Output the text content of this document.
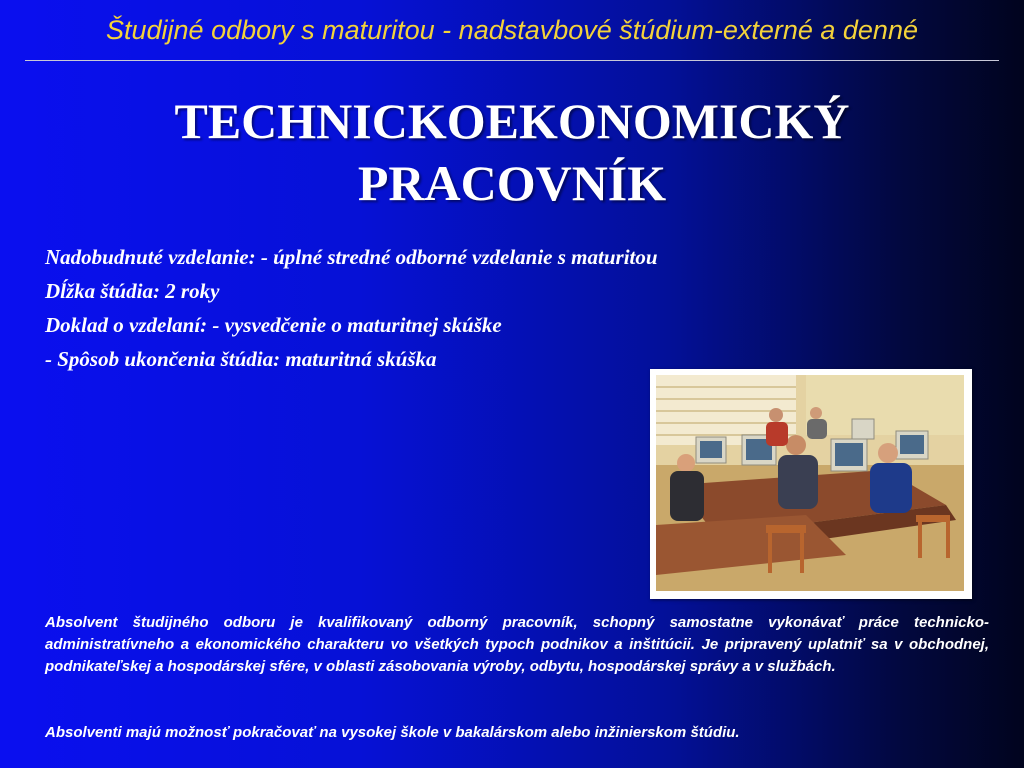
Študijné odbory s maturitou - nadstavbové štúdium-externé a denné
TECHNICKOEKONOMICKÝ
PRACOVNÍK
Nadobudnuté vzdelanie: - úplné stredné odborné vzdelanie s maturitou
Dĺžka štúdia: 2 roky
Doklad o vzdelaní: - vysvedčenie o maturitnej skúške
- Spôsob ukončenia štúdia: maturitná skúška
Absolvent študijného odboru je kvalifikovaný odborný pracovník, schopný samostatne vykonávať práce technicko-administratívneho a ekonomického charakteru vo všetkých typoch podnikov a inštitúcii. Je pripravený uplatniť sa v obchodnej, podnikateľskej a hospodárskej sfére, v oblasti zásobovania výroby, odbytu, hospodárskej správy a v službách.
Absolventi majú možnosť pokračovať na vysokej škole v bakalárskom alebo inžinierskom štúdiu.
